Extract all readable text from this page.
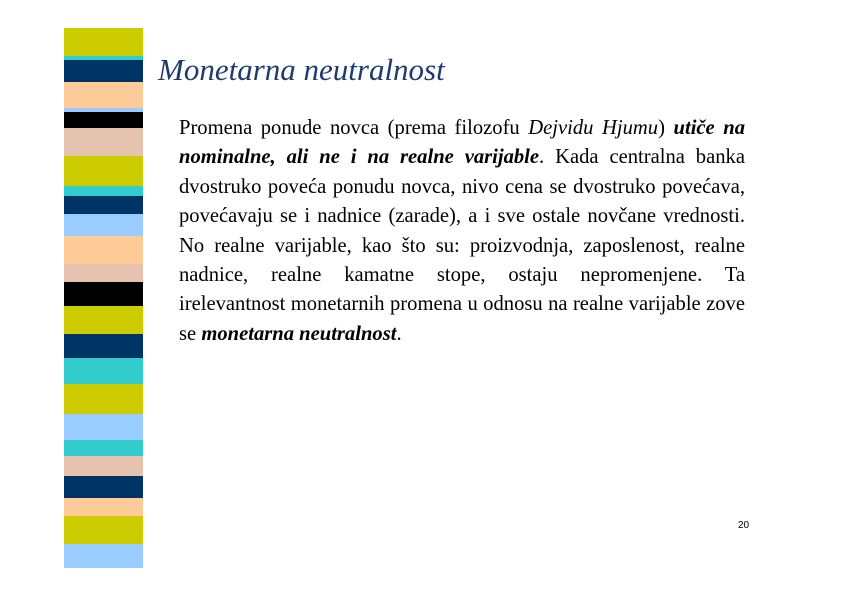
Monetarna neutralnost

Promena ponude novca (prema filozofu Dejvidu Hjumu) utiče na nominalne, ali ne i na realne varijable. Kada centralna banka dvostruko poveća ponudu novca, nivo cena se dvostruko povećava, povećavaju se i nadnice (zarade), a i sve ostale novčane vrednosti. No realne varijable, kao što su: proizvodnja, zaposlenost, realne nadnice, realne kamatne stope, ostaju nepromenjene. Ta irelevantnost monetarnih promena u odnosu na realne varijable zove se monetarna neutralnost.

20
